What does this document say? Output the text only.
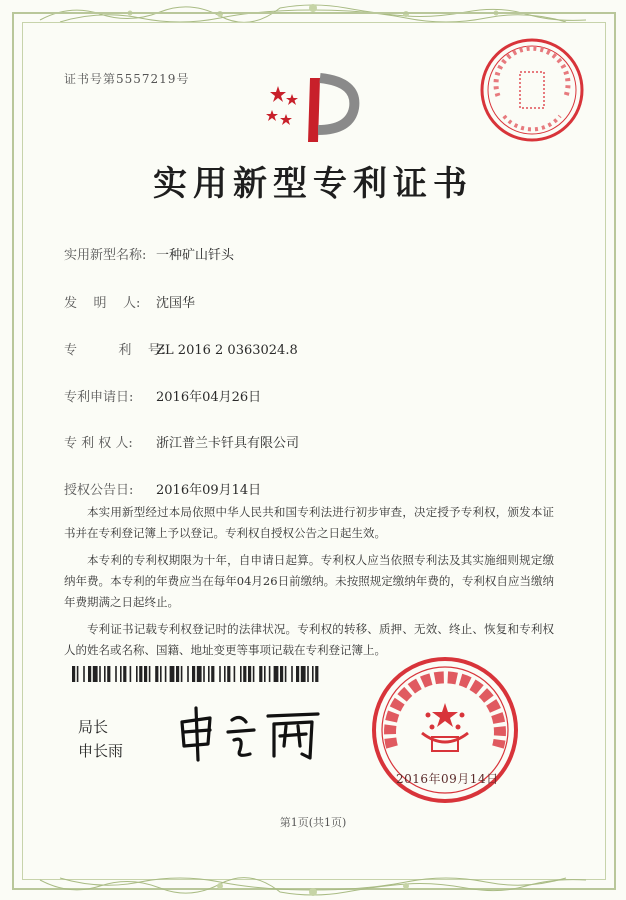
证书号第5557219号
实用新型专利证书
实用新型名称: 一种矿山钎头
发    明    人: 沈国华
专          利    号:ZL 2016 2 0363024.8
专利申请日: 2016年04月26日
专 利 权 人: 浙江普兰卡钎具有限公司
授权公告日: 2016年09月14日

本实用新型经过本局依照中华人民共和国专利法进行初步审查，决定授予专利权，颁发本证书并在专利登记簿上予以登记。专利权自授权公告之日起生效。

本专利的专利权期限为十年，自申请日起算。专利权人应当依照专利法及其实施细则规定缴纳年费。本专利的年费应当在每年04月26日前缴纳。未按照规定缴纳年费的，专利权自应当缴纳年费期满之日起终止。

专利证书记载专利权登记时的法律状况。专利权的转移、质押、无效、终止、恢复和专利权人的姓名或名称、国籍、地址变更等事项记载在专利登记簿上。

局长
申长雨
2016年09月14日
第1页(共1页)
